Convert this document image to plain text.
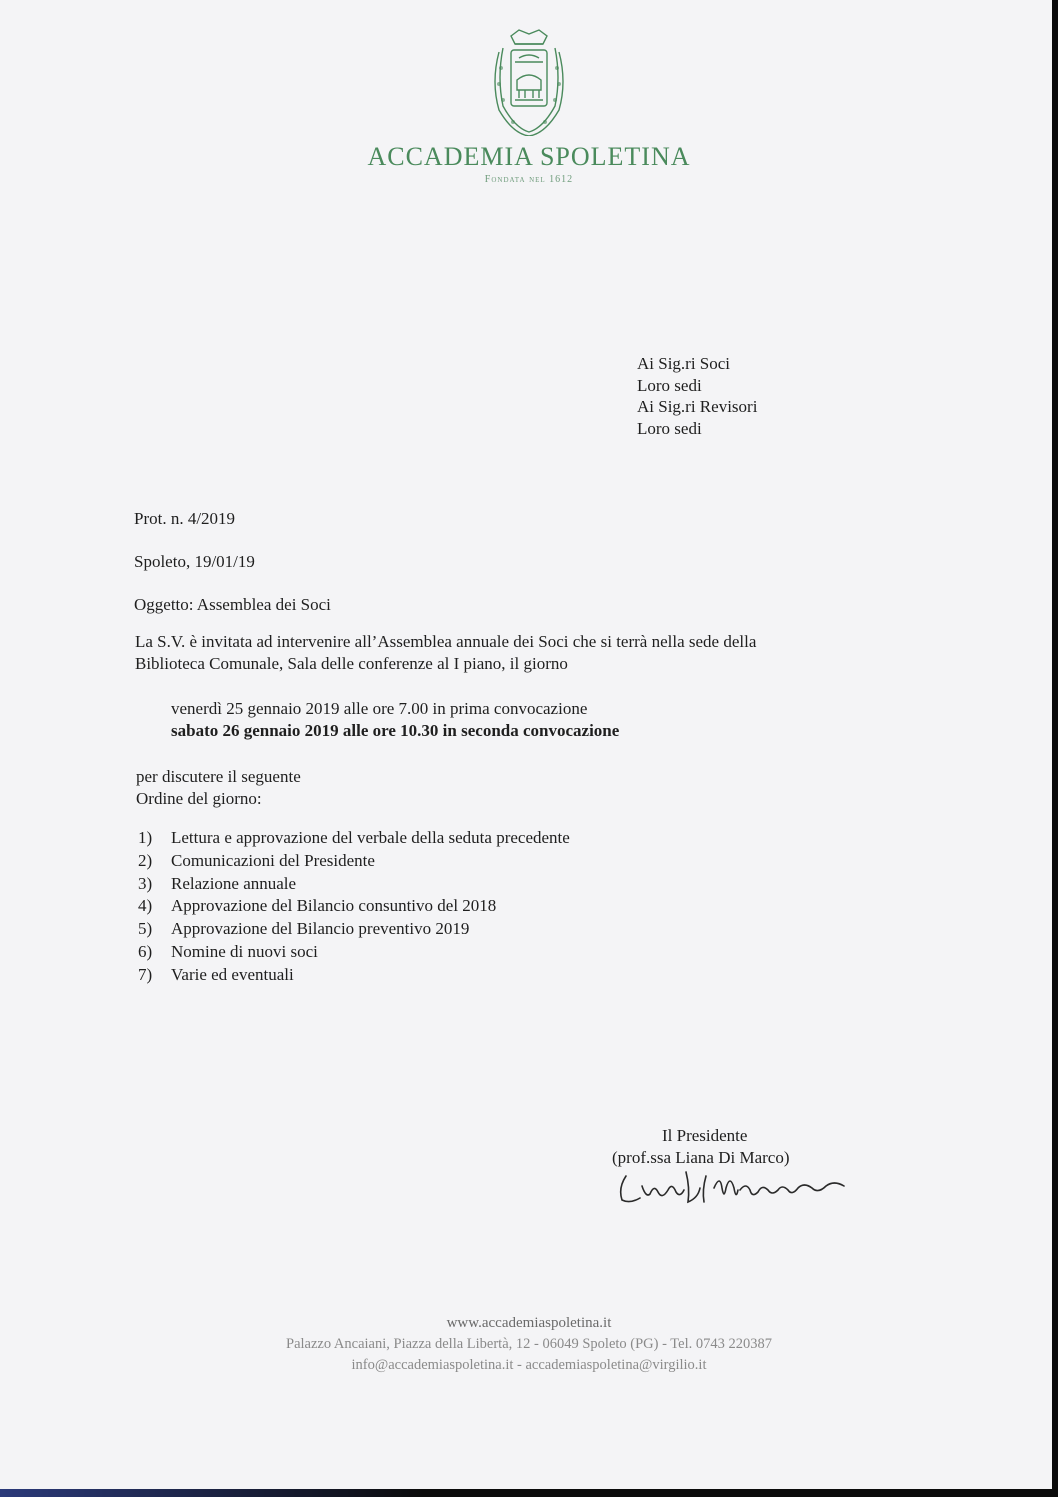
ACCADEMIA SPOLETINA
Fondata nel 1612
Ai Sig.ri Soci
Loro sedi
Ai Sig.ri Revisori
Loro sedi
Prot. n. 4/2019
Spoleto, 19/01/19
Oggetto: Assemblea dei Soci
La S.V. è invitata ad intervenire all’Assemblea annuale dei Soci che si terrà nella sede della
Biblioteca Comunale, Sala delle conferenze al I piano, il giorno
venerdì 25 gennaio 2019 alle ore 7.00 in prima convocazione
sabato 26 gennaio 2019 alle ore 10.30 in seconda convocazione
per discutere il seguente
Ordine del giorno:
1)	Lettura e approvazione del verbale della seduta precedente
2)	Comunicazioni del Presidente
3)	Relazione annuale
4)	Approvazione del Bilancio consuntivo del 2018
5)	Approvazione del Bilancio preventivo 2019
6)	Nomine di nuovi soci
7)	Varie ed eventuali
Il Presidente
(prof.ssa Liana Di Marco)
www.accademiaspoletina.it
Palazzo Ancaiani, Piazza della Libertà, 12 - 06049 Spoleto (PG) - Tel. 0743 220387
info@accademiaspoletina.it - accademiaspoletina@virgilio.it
